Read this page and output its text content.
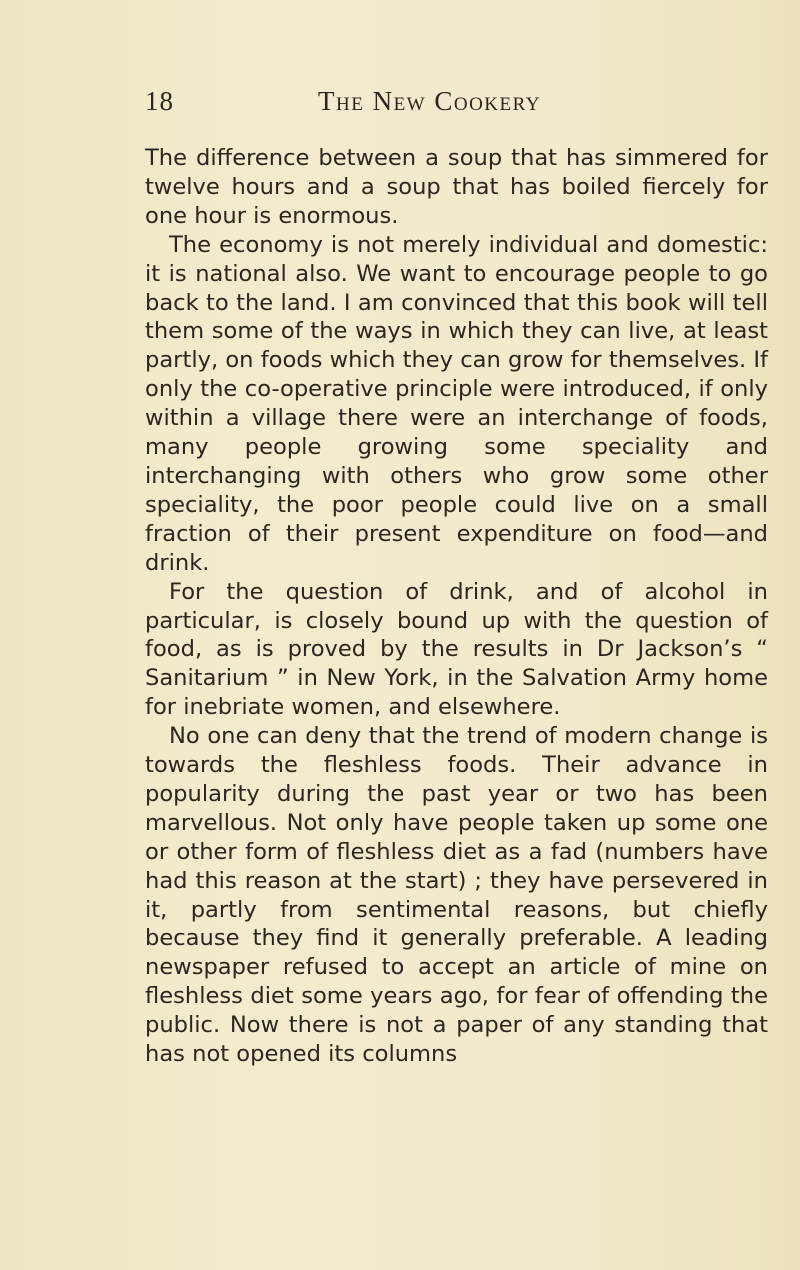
18	The New Cookery

The difference between a soup that has simmered for twelve hours and a soup that has boiled fiercely for one hour is enormous.

The economy is not merely individual and domestic: it is national also. We want to encourage people to go back to the land. I am convinced that this book will tell them some of the ways in which they can live, at least partly, on foods which they can grow for themselves. If only the co-operative principle were introduced, if only within a village there were an interchange of foods, many people growing some speciality and interchanging with others who grow some other speciality, the poor people could live on a small fraction of their present expenditure on food—and drink.

For the question of drink, and of alcohol in particular, is closely bound up with the question of food, as is proved by the results in Dr Jackson’s “ Sanitarium ” in New York, in the Salvation Army home for inebriate women, and elsewhere.

No one can deny that the trend of modern change is towards the fleshless foods. Their advance in popularity during the past year or two has been marvellous. Not only have people taken up some one or other form of fleshless diet as a fad (numbers have had this reason at the start) ; they have persevered in it, partly from sentimental reasons, but chiefly because they find it generally preferable. A leading newspaper refused to accept an article of mine on fleshless diet some years ago, for fear of offending the public. Now there is not a paper of any standing that has not opened its columns
